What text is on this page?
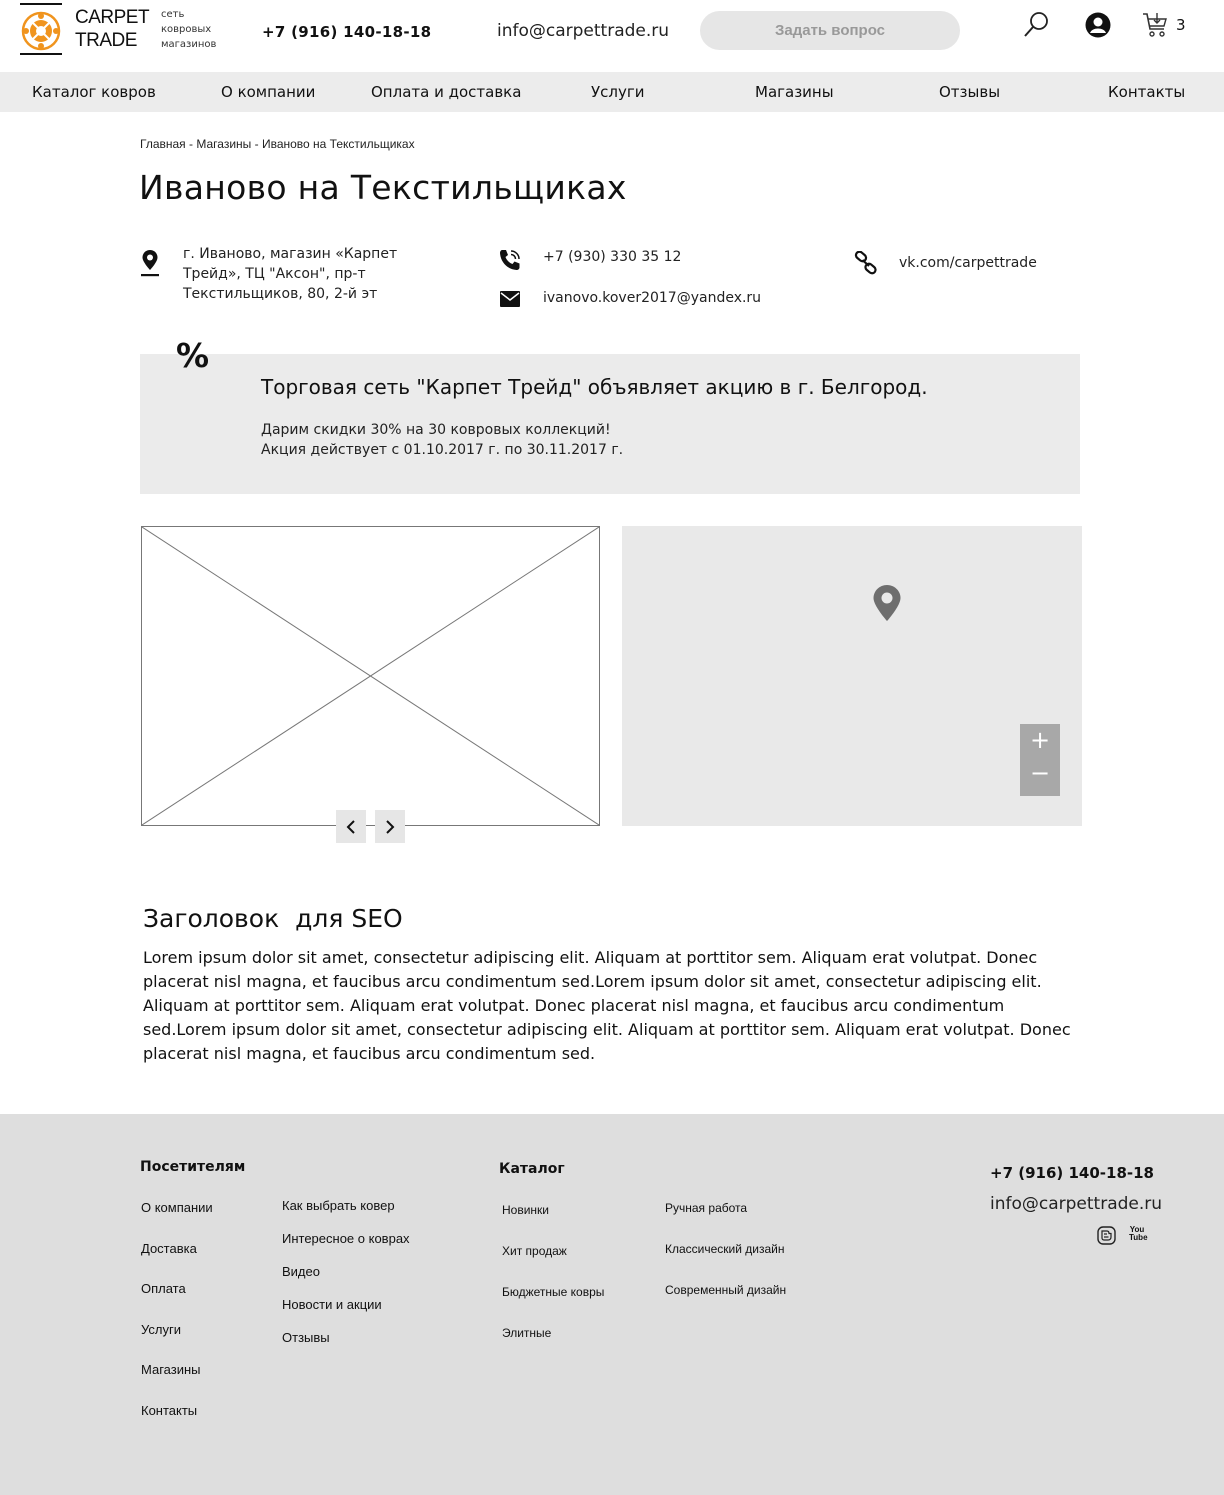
CARPET
TRADE
сеть
ковровых
магазинов
+7 (916) 140-18-18	info@carpettrade.ru	Задать вопрос	3
Каталог ковров	О компании	Оплата и доставка	Услуги	Магазины	Отзывы	Контакты
Главная - Магазины - Иваново на Текстильщиках
Иваново на Текстильщиках
г. Иваново, магазин «Карпет
Трейд», ТЦ "Аксон", пр-т
Текстильщиков, 80, 2-й эт
+7 (930) 330 35 12
ivanovo.kover2017@yandex.ru
vk.com/carpettrade
%
Торговая сеть "Карпет Трейд" объявляет акцию в г. Белгород.
Дарим скидки 30% на 30 ковровых коллекций!
Акция действует с 01.10.2017 г. по 30.11.2017 г.
+
−
Заголовок  для SEO

Lorem ipsum dolor sit amet, consectetur adipiscing elit. Aliquam at porttitor sem. Aliquam erat volutpat. Donec placerat nisl magna, et faucibus arcu condimentum sed.Lorem ipsum dolor sit amet, consectetur adipiscing elit. Aliquam at porttitor sem. Aliquam erat volutpat. Donec placerat nisl magna, et faucibus arcu condimentum sed.Lorem ipsum dolor sit amet, consectetur adipiscing elit. Aliquam at porttitor sem. Aliquam erat volutpat. Donec placerat nisl magna, et faucibus arcu condimentum sed.

Посетителям
О компании
Доставка
Оплата
Услуги
Магазины
Контакты
Как выбрать ковер
Интересное о коврах
Видео
Новости и акции
Отзывы
Каталог
Новинки
Хит продаж
Бюджетные ковры
Элитные
Ручная работа
Классический дизайн
Современный дизайн
+7 (916) 140-18-18
info@carpettrade.ru
You Tube
